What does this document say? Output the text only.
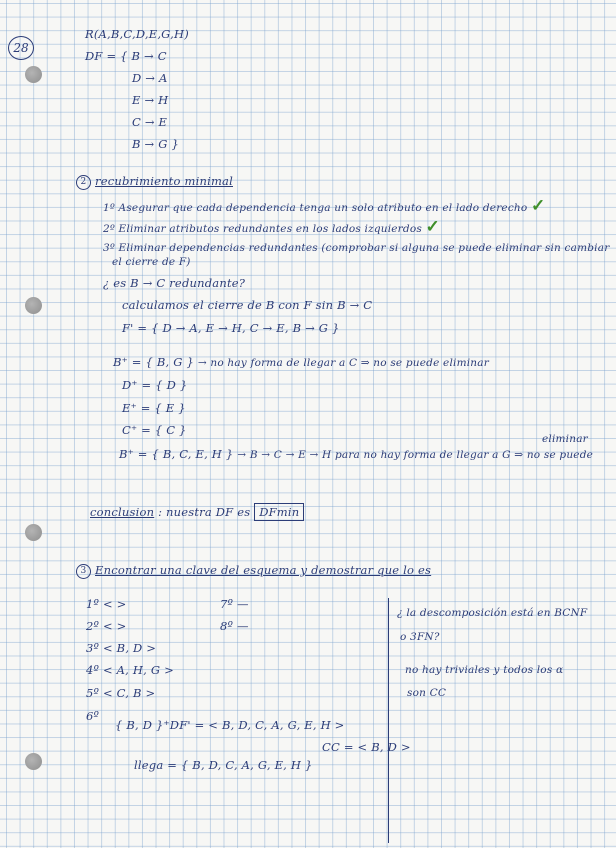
28
R(A,B,C,D,E,G,H)
DF = { B → C
D → A
E → H
C → E
B → G }
2 recubrimiento minimal
1º Asegurar que cada dependencia tenga un solo atributo en el lado derecho ✓
2º Eliminar atributos redundantes en los lados izquierdos ✓
3º Eliminar dependencias redundantes (comprobar si alguna se puede eliminar sin cambiar
el cierre de F)
¿ es B → C redundante?
calculamos el cierre de B con F sin B → C
F' = { D → A, E → H, C → E, B → G }
B⁺ = { B, G } → no hay forma de llegar a C ⇒ no se puede eliminar
D⁺ = { D }
E⁺ = { E }
C⁺ = { C }
eliminar
B⁺ = { B, C, E, H } → B → C → E → H para no hay forma de llegar a G ⇒ no se puede
conclusion : nuestra DF es DFmin
3 Encontrar una clave del esquema y demostrar que lo es
1º < >
2º < >
3º < B, D >
4º < A, H, G >
5º < C, B >
6º
7º —
8º —
{ B, D }⁺DF' = < B, D, C, A, G, E, H >
llega = { B, D, C, A, G, E, H }
CC = < B, D >
¿ la descomposición está en BCNF
o 3FN?
no hay triviales y todos los α
son CC
